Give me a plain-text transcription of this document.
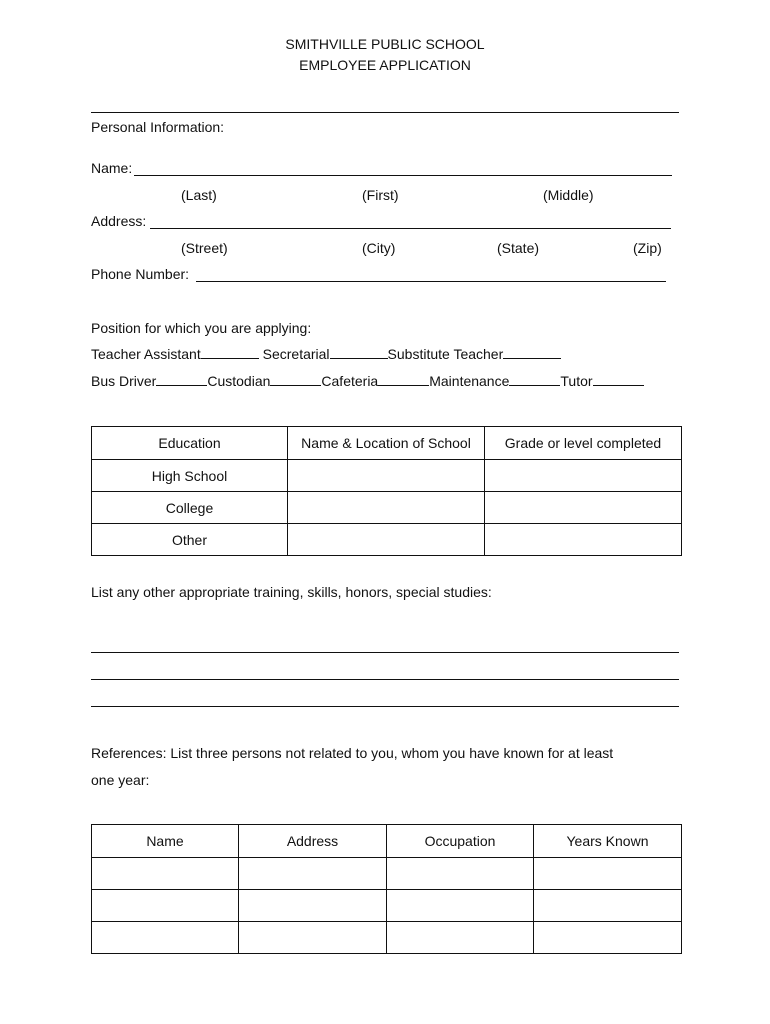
SMITHVILLE PUBLIC SCHOOL
EMPLOYEE APPLICATION
Personal Information:
Name:
(Last)	(First)	(Middle)
Address:
(Street)	(City)	(State)	(Zip)
Phone Number:
Position for which you are applying:
Teacher Assistant	Secretarial	Substitute Teacher
Bus Driver	Custodian	Cafeteria	Maintenance	Tutor
Education	Name & Location of School	Grade or level completed
High School		
College		
Other		
List any other appropriate training, skills, honors, special studies:
References: List three persons not related to you, whom you have known for at least
one year:
Name	Address	Occupation	Years Known
